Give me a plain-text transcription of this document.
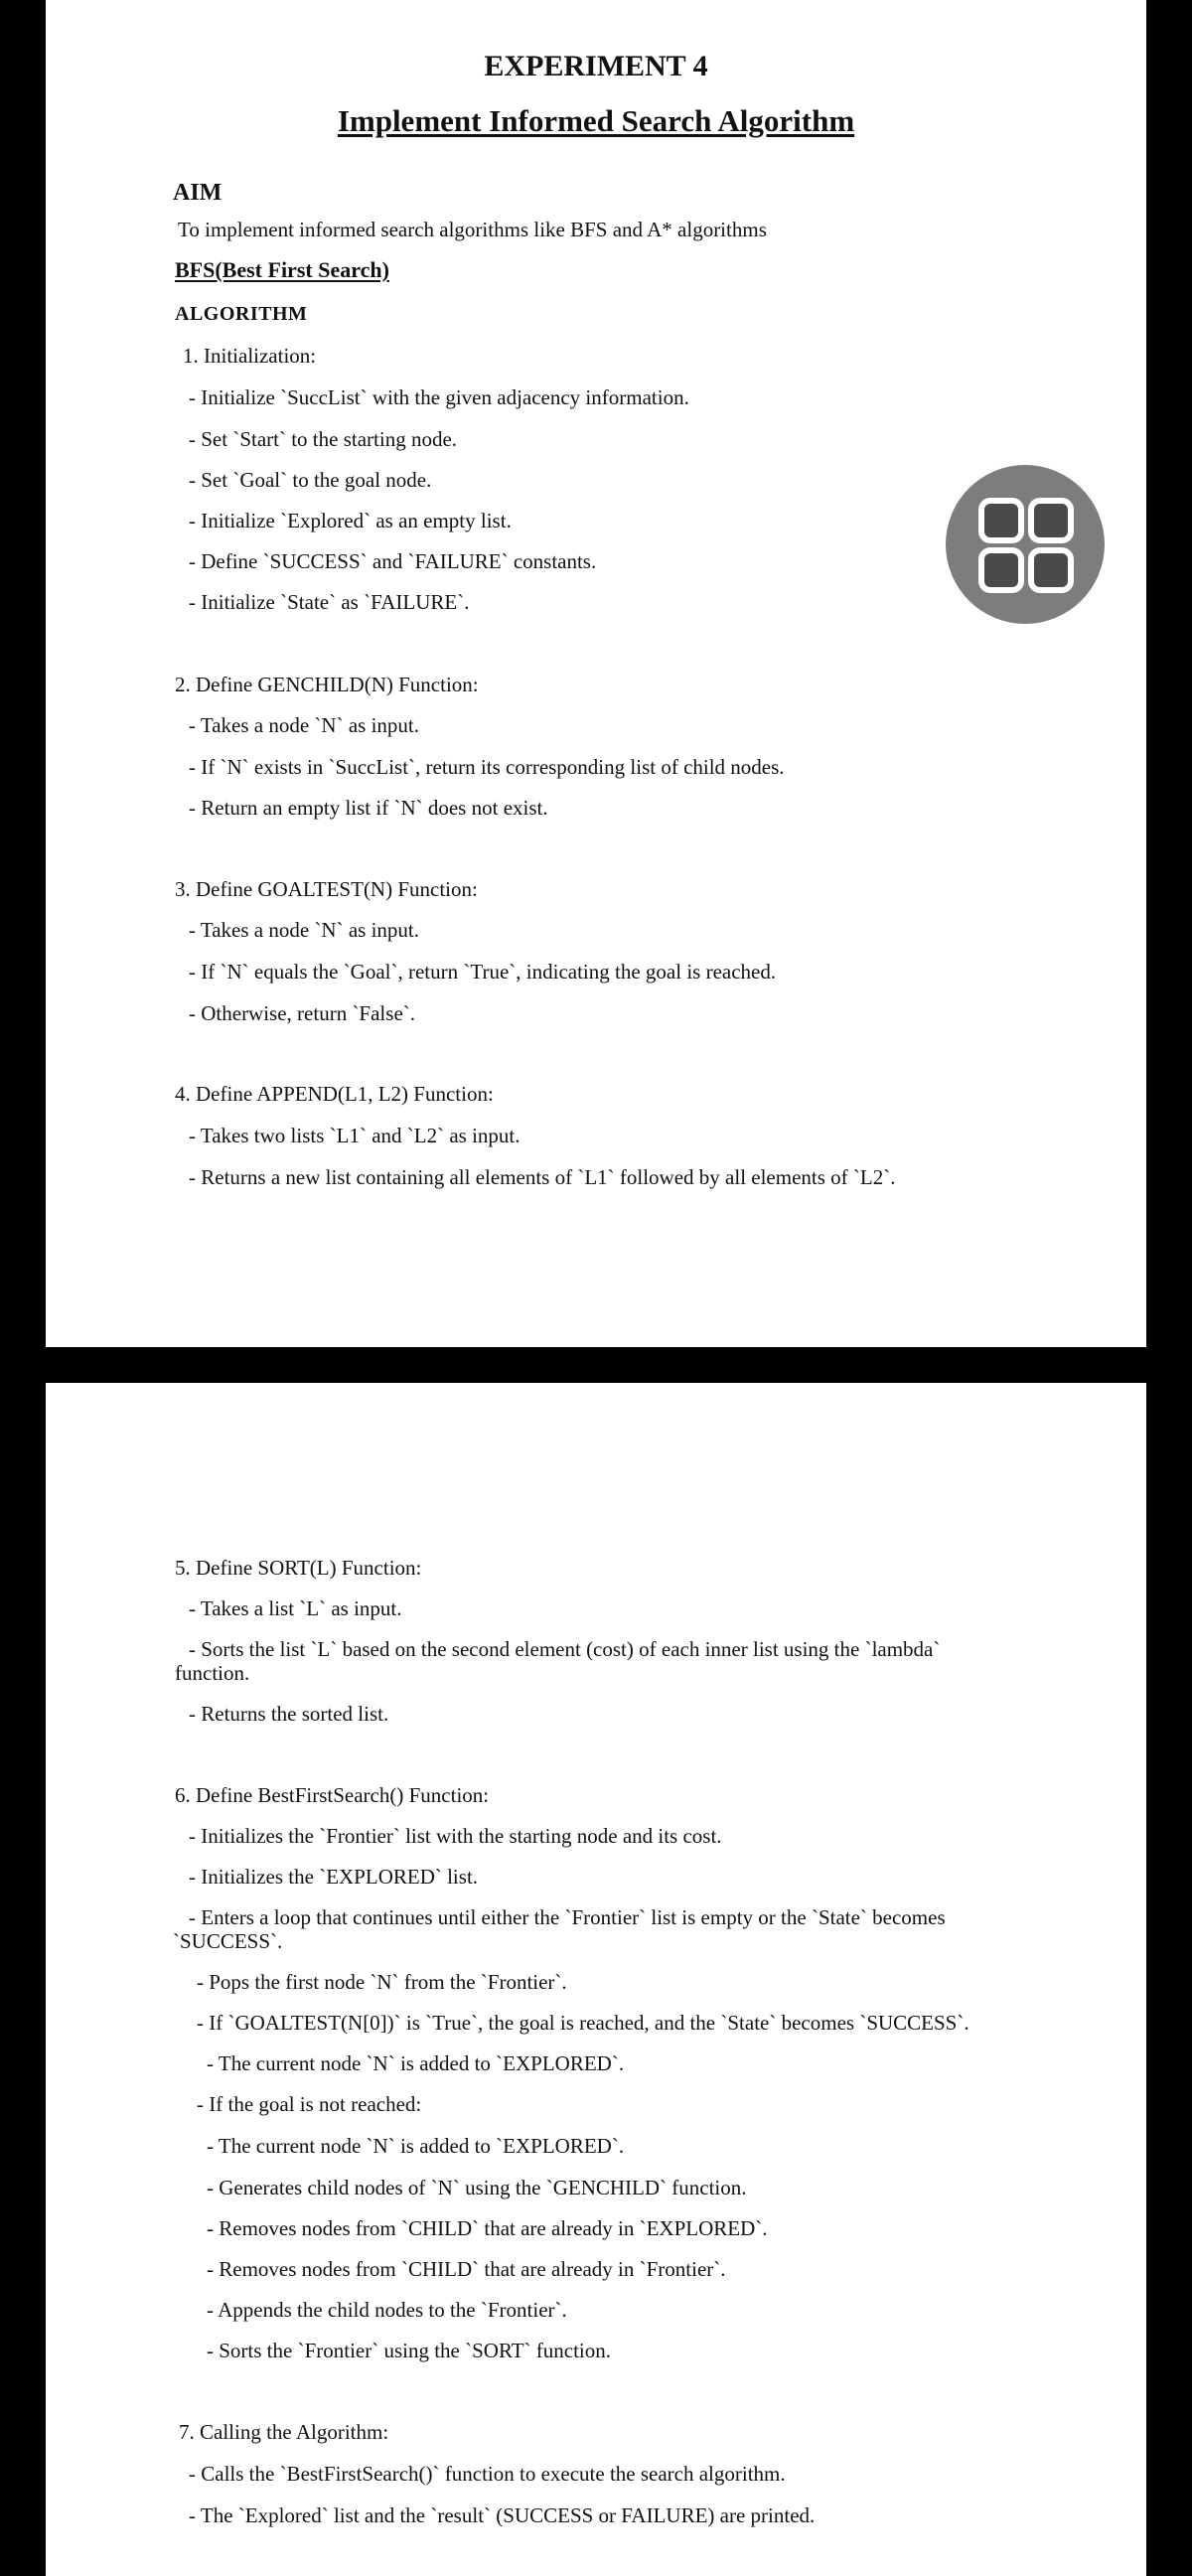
EXPERIMENT 4
Implement Informed Search Algorithm
AIM
To implement informed search algorithms like BFS and A* algorithms
BFS(Best First Search)
ALGORITHM
1. Initialization:
- Initialize `SuccList` with the given adjacency information.
- Set `Start` to the starting node.
- Set `Goal` to the goal node.
- Initialize `Explored` as an empty list.
- Define `SUCCESS` and `FAILURE` constants.
- Initialize `State` as `FAILURE`.
2. Define GENCHILD(N) Function:
- Takes a node `N` as input.
- If `N` exists in `SuccList`, return its corresponding list of child nodes.
- Return an empty list if `N` does not exist.
3. Define GOALTEST(N) Function:
- Takes a node `N` as input.
- If `N` equals the `Goal`, return `True`, indicating the goal is reached.
- Otherwise, return `False`.
4. Define APPEND(L1, L2) Function:
- Takes two lists `L1` and `L2` as input.
- Returns a new list containing all elements of `L1` followed by all elements of `L2`.
5. Define SORT(L) Function:
- Takes a list `L` as input.
- Sorts the list `L` based on the second element (cost) of each inner list using the `lambda`
function.
- Returns the sorted list.
6. Define BestFirstSearch() Function:
- Initializes the `Frontier` list with the starting node and its cost.
- Initializes the `EXPLORED` list.
- Enters a loop that continues until either the `Frontier` list is empty or the `State` becomes
`SUCCESS`.
- Pops the first node `N` from the `Frontier`.
- If `GOALTEST(N[0])` is `True`, the goal is reached, and the `State` becomes `SUCCESS`.
- The current node `N` is added to `EXPLORED`.
- If the goal is not reached:
- The current node `N` is added to `EXPLORED`.
- Generates child nodes of `N` using the `GENCHILD` function.
- Removes nodes from `CHILD` that are already in `EXPLORED`.
- Removes nodes from `CHILD` that are already in `Frontier`.
- Appends the child nodes to the `Frontier`.
- Sorts the `Frontier` using the `SORT` function.
7. Calling the Algorithm:
- Calls the `BestFirstSearch()` function to execute the search algorithm.
- The `Explored` list and the `result` (SUCCESS or FAILURE) are printed.
